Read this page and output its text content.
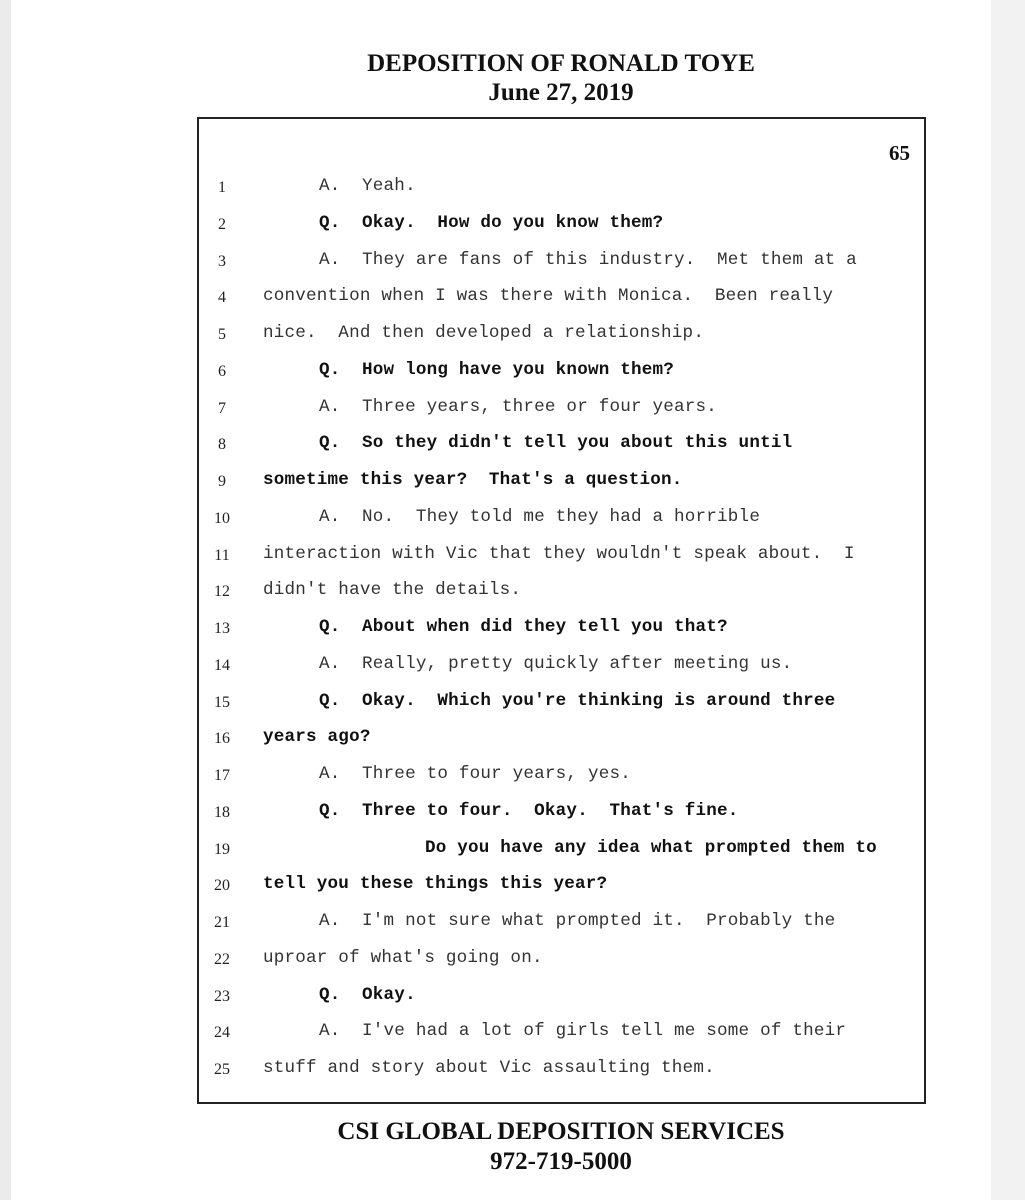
DEPOSITION OF RONALD TOYE
June 27, 2019
65
1	A.  Yeah.
2	Q.  Okay.  How do you know them?
3	A.  They are fans of this industry.  Met them at a
4	convention when I was there with Monica.  Been really
5	nice.  And then developed a relationship.
6	Q.  How long have you known them?
7	A.  Three years, three or four years.
8	Q.  So they didn't tell you about this until
9	sometime this year?  That's a question.
10	A.  No.  They told me they had a horrible
11	interaction with Vic that they wouldn't speak about.  I
12	didn't have the details.
13	Q.  About when did they tell you that?
14	A.  Really, pretty quickly after meeting us.
15	Q.  Okay.  Which you're thinking is around three
16	years ago?
17	A.  Three to four years, yes.
18	Q.  Three to four.  Okay.  That's fine.
19	Do you have any idea what prompted them to
20	tell you these things this year?
21	A.  I'm not sure what prompted it.  Probably the
22	uproar of what's going on.
23	Q.  Okay.
24	A.  I've had a lot of girls tell me some of their
25	stuff and story about Vic assaulting them.
CSI GLOBAL DEPOSITION SERVICES
972-719-5000
